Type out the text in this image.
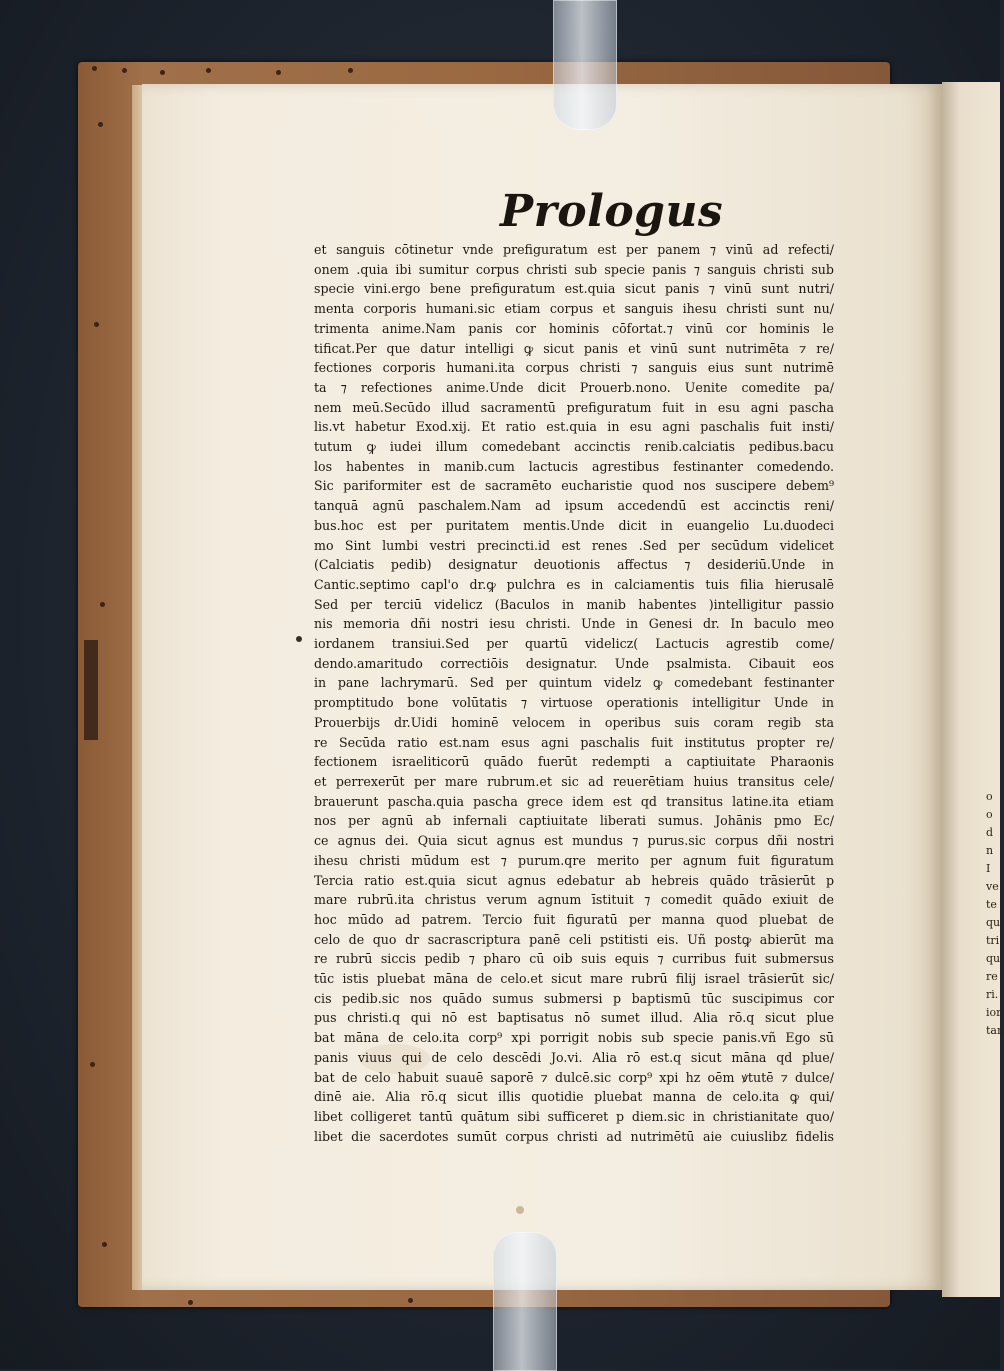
o
o
d
n
I
ve
te
qu
tri
qu
re
ri.
ior
tan
Prologus
et sanguis cōtinetur vnde prefiguratum est per panem ⁊ vinū ad refecti/
onem .quia ibi sumitur corpus christi sub specie panis ⁊ sanguis christi sub
specie vini.ergo bene prefiguratum est.quia sicut panis ⁊ vinū sunt nutri/
menta corporis humani.sic etiam corpus et sanguis ihesu christi sunt nu/
trimenta anime.Nam panis cor hominis cōfortat.⁊ vinū cor hominis le
tificat.Per que datur intelligi ꝙ sicut panis et vinū sunt nutrimēta ⁊ re/
fectiones corporis humani.ita corpus christi ⁊ sanguis eius sunt nutrimē
ta ⁊ refectiones anime.Unde dicit Prouerb.nono. Uenite comedite pa/
nem meū.Secūdo illud sacramentū prefiguratum fuit in esu agni pascha
lis.vt habetur Exod.xij. Et ratio est.quia in esu agni paschalis fuit insti/
tutum ꝙ iudei illum comedebant accinctis renib.calciatis pedibus.bacu
los habentes in manib.cum lactucis agrestibus festinanter comedendo.
Sic pariformiter est de sacramēto eucharistie quod nos suscipere debem⁹
tanquā agnū paschalem.Nam ad ipsum accedendū est accinctis reni/
bus.hoc est per puritatem mentis.Unde dicit in euangelio Lu.duodeci
mo Sint lumbi vestri precincti.id est renes .Sed per secūdum videlicet
(Calciatis pedib) designatur deuotionis affectus ⁊ desideriū.Unde in
Cantic.septimo capl'o dr.ꝙ pulchra es in calciamentis tuis filia hierusalē
Sed per terciū videlicz (Baculos in manib habentes )intelligitur passio
nis memoria dñi nostri iesu christi. Unde in Genesi dr. In baculo meo
iordanem transiui.Sed per quartū videlicz( Lactucis agrestib come/
dendo.amaritudo correctiōis designatur. Unde psalmista. Cibauit eos
in pane lachrymarū. Sed per quintum videlz ꝙ comedebant festinanter
promptitudo bone volūtatis ⁊ virtuose operationis intelligitur Unde in
Prouerbijs dr.Uidi hominē velocem in operibus suis coram regib sta
re Secūda ratio est.nam esus agni paschalis fuit institutus propter re/
fectionem israeliticorū quādo fuerūt redempti a captiuitate Pharaonis
et perrexerūt per mare rubrum.et sic ad reuerētiam huius transitus cele/
brauerunt pascha.quia pascha grece idem est qd transitus latine.ita etiam
nos per agnū ab infernali captiuitate liberati sumus. Johānis pmo Ec/
ce agnus dei. Quia sicut agnus est mundus ⁊ purus.sic corpus dñi nostri
ihesu christi mūdum est ⁊ purum.qre merito per agnum fuit figuratum
Tercia ratio est.quia sicut agnus edebatur ab hebreis quādo trāsierūt p
mare rubrū.ita christus verum agnum īstituit ⁊ comedit quādo exiuit de
hoc mūdo ad patrem. Tercio fuit figuratū per manna quod pluebat de
celo de quo dr sacrascriptura panē celi pstitisti eis. Uñ postꝙ abierūt ma
re rubrū siccis pedib ⁊ pharo cū oib suis equis ⁊ curribus fuit submersus
tūc istis pluebat māna de celo.et sicut mare rubrū filij israel trāsierūt sic/
cis pedib.sic nos quādo sumus submersi p baptismū tūc suscipimus cor
pus christi.q qui nō est baptisatus nō sumet illud. Alia rō.q sicut plue
bat māna de celo.ita corp⁹ xpi porrigit nobis sub specie panis.vñ Ego sū
panis viuus qui de celo descēdi Jo.vi. Alia rō est.q sicut māna qd plue/
bat de celo habuit suauē saporē ⁊ dulcē.sic corp⁹ xpi hz oēm ꝟtutē ⁊ dulce/
dinē aie. Alia rō.q sicut illis quotidie pluebat manna de celo.ita ꝙ qui/
libet colligeret tantū quātum sibi sufficeret p diem.sic in christianitate quo/
libet die sacerdotes sumūt corpus christi ad nutrimētū aie cuiuslibz fidelis
